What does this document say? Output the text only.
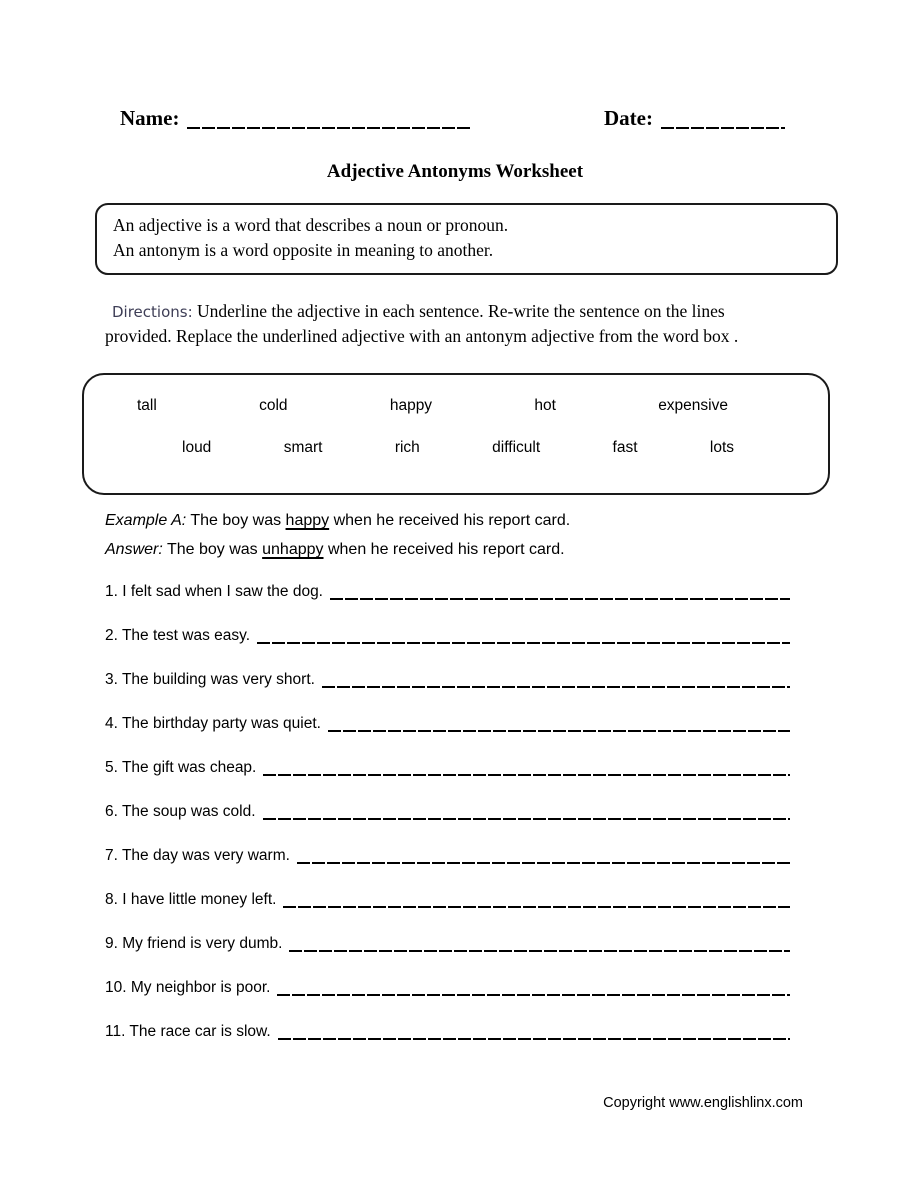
Name:	Date:
Adjective Antonyms Worksheet
An adjective is a word that describes a noun or pronoun.
An antonym is a word opposite in meaning to another.
Directions: Underline the adjective in each sentence. Re-write the sentence on the lines provided. Replace the underlined adjective with an antonym adjective from the word box .
tall	cold	happy	hot	expensive
loud	smart	rich	difficult	fast	lots
Example A: The boy was happy when he received his report card.
Answer: The boy was unhappy when he received his report card.
1. I felt sad when I saw the dog.
2. The test was easy.
3. The building was very short.
4. The birthday party was quiet.
5. The gift was cheap.
6. The soup was cold.
7. The day was very warm.
8. I have little money left.
9. My friend is very dumb.
10. My neighbor is poor.
11. The race car is slow.
Copyright www.englishlinx.com
